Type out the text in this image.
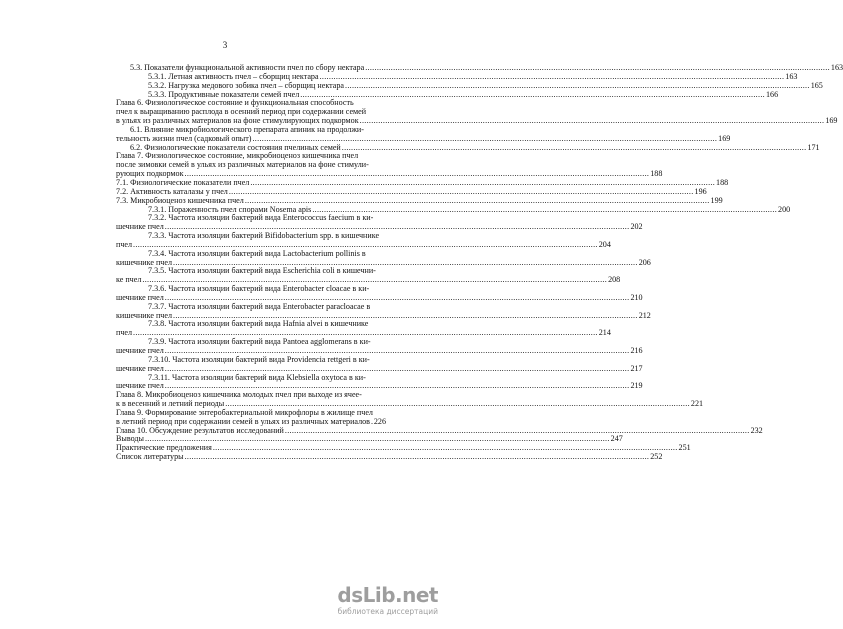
3
5.3. Показатели функциональной активности пчел по сбору нектара ........................................................................................................................................................................................................ 163
5.3.1. Летная активность пчел – сборщиц нектара ........................................................................................................................................................................................................ 163
5.3.2. Нагрузка медового зобика пчел – сборщиц нектара ........................................................................................................................................................................................................ 165
5.3.3. Продуктивные показатели семей пчел ........................................................................................................................................................................................................ 166
Глава 6. Физиологическое состояние и функциональная способность
пчел к выращиванию расплода в осенний период при содержании семей
в ульях из различных материалов на фоне стимулирующих подкормок ........................................................................................................................................................................................................ 169
6.1. Влияние микробиологического препарата апиник на продолжи-
тельность жизни пчел (садковый опыт) ........................................................................................................................................................................................................ 169
6.2. Физиологические показатели состояния пчелиных семей ........................................................................................................................................................................................................ 171
Глава 7. Физиологическое состояние, микробиоценоз кишечника пчел
после зимовки семей в ульях из различных материалов на фоне стимули-
рующих подкормок ........................................................................................................................................................................................................ 188
7.1. Физиологические показатели пчел ........................................................................................................................................................................................................ 188
7.2. Активность каталазы у пчел ........................................................................................................................................................................................................ 196
7.3. Микробиоценоз кишечника пчел ........................................................................................................................................................................................................ 199
7.3.1. Пораженность пчел спорами Nosema apis ........................................................................................................................................................................................................ 200
7.3.2. Частота изоляции бактерий вида Enterococcus faecium в ки-
шечнике пчел ........................................................................................................................................................................................................ 202
7.3.3. Частота изоляции бактерий Bifidobacterium spp. в кишечнике
пчел ........................................................................................................................................................................................................ 204
7.3.4. Частота изоляции бактерий вида Lactobacterium pollinis в
кишечнике пчел ........................................................................................................................................................................................................ 206
7.3.5. Частота изоляции бактерий вида Escherichia coli в кишечни-
ке пчел ........................................................................................................................................................................................................ 208
7.3.6. Частота изоляции бактерий вида Enterobacter cloacae в ки-
шечнике пчел ........................................................................................................................................................................................................ 210
7.3.7. Частота изоляции бактерий вида Enterobacter paracloacae в
кишечнике пчел ........................................................................................................................................................................................................ 212
7.3.8. Частота изоляции бактерий вида Hafnia alvei в кишечнике
пчел ........................................................................................................................................................................................................ 214
7.3.9. Частота изоляции бактерий вида Pantoea agglomerans в ки-
шечнике пчел ........................................................................................................................................................................................................ 216
7.3.10. Частота изоляции бактерий вида Providencia rettgeri в ки-
шечнике пчел ........................................................................................................................................................................................................ 217
7.3.11. Частота изоляции бактерий вида Klebsiella oxytoca в ки-
шечнике пчел ........................................................................................................................................................................................................ 219
Глава 8. Микробиоценоз кишечника молодых пчел при выходе из ячее-
к в весенний и летний периоды ........................................................................................................................................................................................................ 221
Глава 9. Формирование энтеробактериальной микрофлоры в жилище пчел
в летний период при содержании семей в ульях из различных материалов 226
Глава 10. Обсуждение результатов исследований ........................................................................................................................................................................................................ 232
Выводы ........................................................................................................................................................................................................ 247
Практические предложения ........................................................................................................................................................................................................ 251
Список литературы ........................................................................................................................................................................................................ 252
dsLib.net
библиотека диссертаций
